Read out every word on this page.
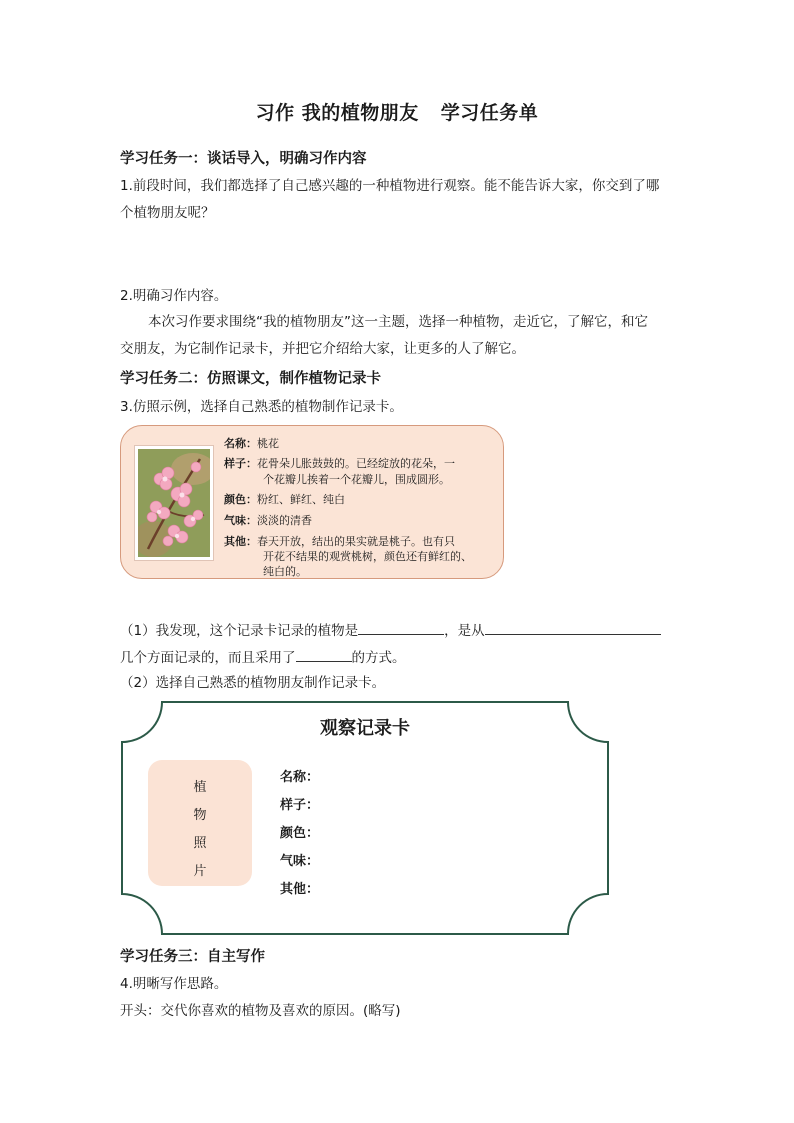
习作 我的植物朋友 学习任务单
学习任务一：谈话导入，明确习作内容
1.前段时间，我们都选择了自己感兴趣的一种植物进行观察。能不能告诉大家，你交到了哪
个植物朋友呢？
2.明确习作内容。
本次习作要求围绕“我的植物朋友”这一主题，选择一种植物，走近它，了解它，和它
交朋友，为它制作记录卡，并把它介绍给大家，让更多的人了解它。
学习任务二：仿照课文，制作植物记录卡
3.仿照示例，选择自己熟悉的植物制作记录卡。
名称：桃花
样子：花骨朵儿胀鼓鼓的。已经绽放的花朵，一
个花瓣儿挨着一个花瓣儿，围成圆形。
颜色：粉红、鲜红、纯白
气味：淡淡的清香
其他：春天开放，结出的果实就是桃子。也有只
开花不结果的观赏桃树，颜色还有鲜红的、
纯白的。
（1）我发现，这个记录卡记录的植物是	，是从
几个方面记录的，而且采用了	的方式。
（2）选择自己熟悉的植物朋友制作记录卡。
观察记录卡
植
物
照
片
名称：
样子：
颜色：
气味：
其他：
学习任务三：自主写作
4.明晰写作思路。
开头：交代你喜欢的植物及喜欢的原因。(略写)
